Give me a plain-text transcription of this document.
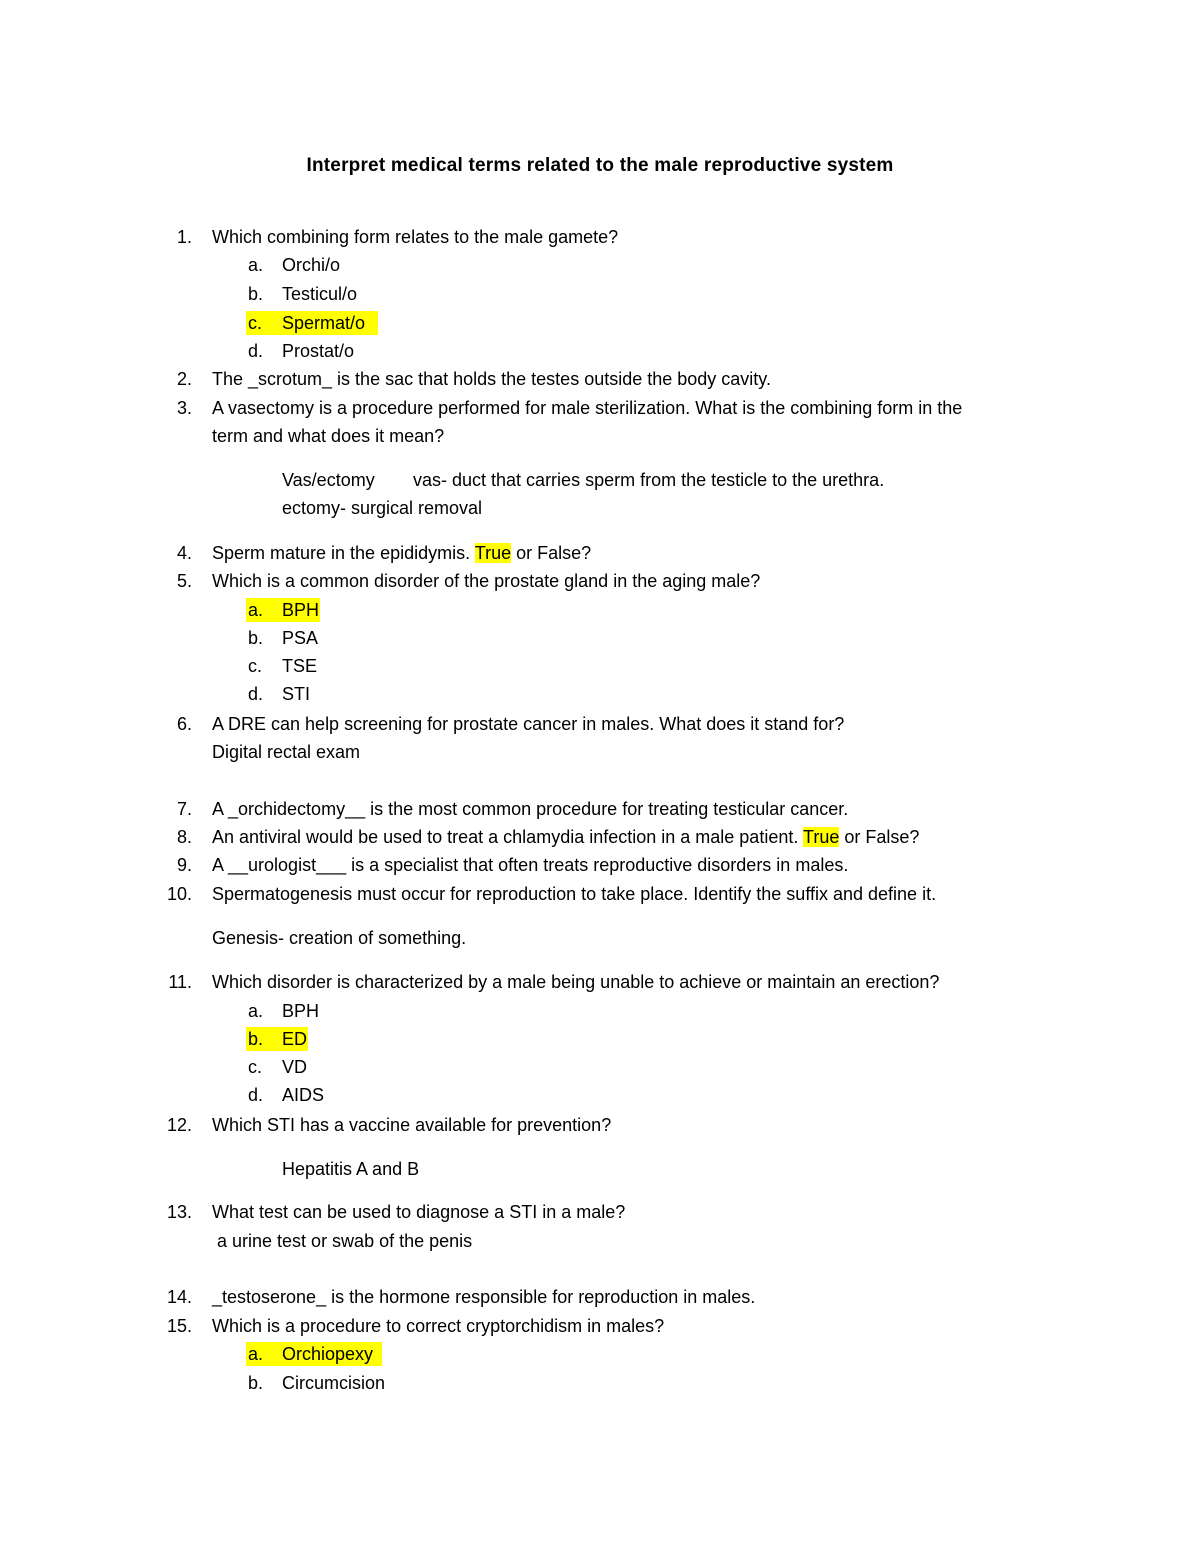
Interpret medical terms related to the male reproductive system
1. Which combining form relates to the male gamete?
a. Orchi/o
b. Testicul/o
c. Spermat/o
d. Prostat/o
2. The _scrotum_ is the sac that holds the testes outside the body cavity.
3. A vasectomy is a procedure performed for male sterilization. What is the combining form in the
term and what does it mean?
Vas/ectomy vas- duct that carries sperm from the testicle to the urethra.
ectomy- surgical removal
4. Sperm mature in the epididymis. True or False?
5. Which is a common disorder of the prostate gland in the aging male?
a. BPH
b. PSA
c. TSE
d. STI
6. A DRE can help screening for prostate cancer in males. What does it stand for?
Digital rectal exam
7. A _orchidectomy__ is the most common procedure for treating testicular cancer.
8. An antiviral would be used to treat a chlamydia infection in a male patient. True or False?
9. A __urologist___ is a specialist that often treats reproductive disorders in males.
10. Spermatogenesis must occur for reproduction to take place. Identify the suffix and define it.
Genesis- creation of something.
11. Which disorder is characterized by a male being unable to achieve or maintain an erection?
a. BPH
b. ED
c. VD
d. AIDS
12. Which STI has a vaccine available for prevention?
Hepatitis A and B
13. What test can be used to diagnose a STI in a male?
a urine test or swab of the penis
14. _testoserone_ is the hormone responsible for reproduction in males.
15. Which is a procedure to correct cryptorchidism in males?
a. Orchiopexy
b. Circumcision
